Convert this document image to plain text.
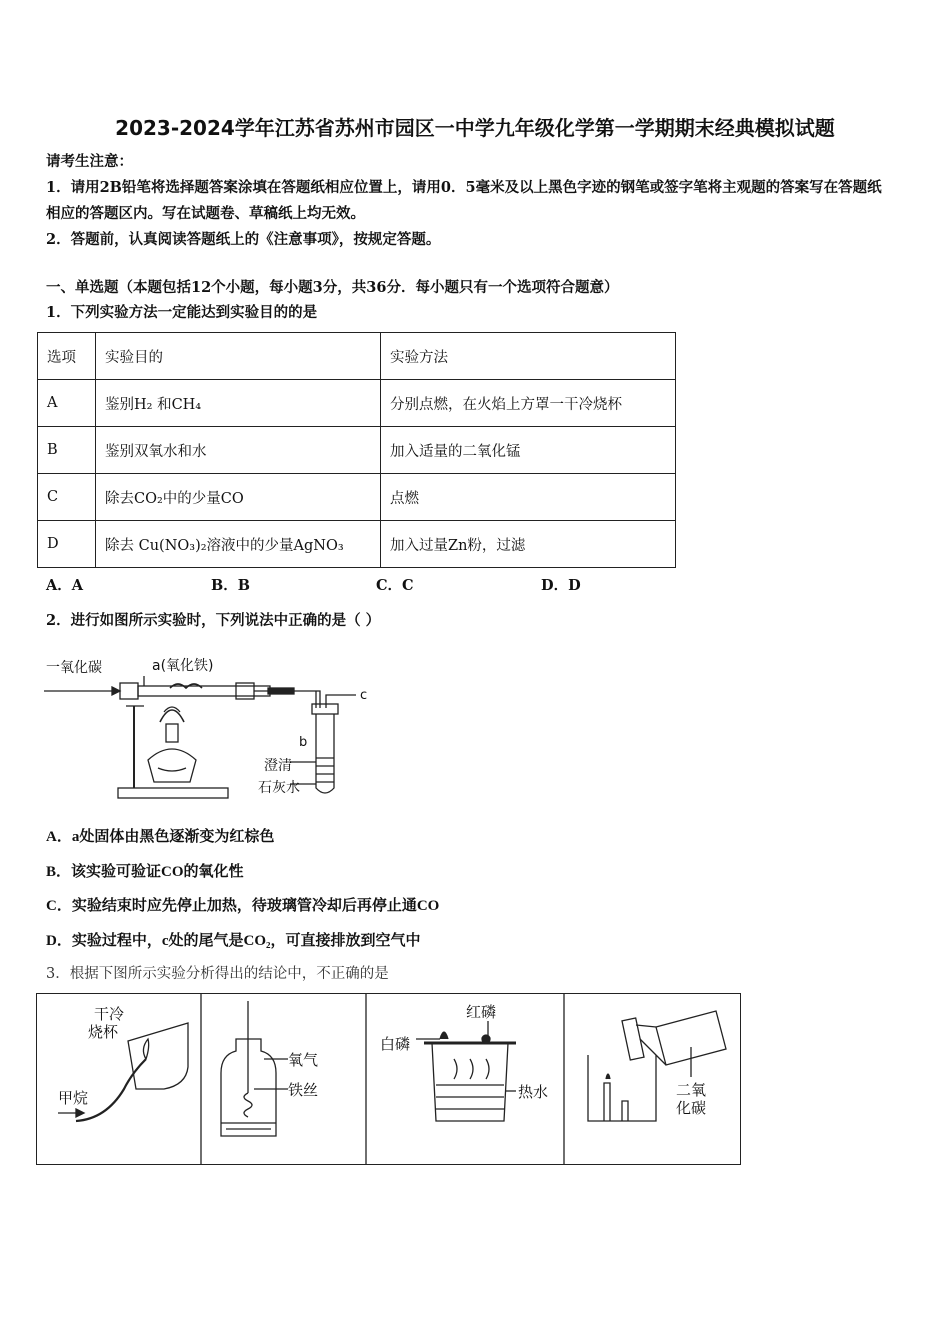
2023-2024学年江苏省苏州市园区一中学九年级化学第一学期期末经典模拟试题
请考生注意：
1．请用2B铅笔将选择题答案涂填在答题纸相应位置上，请用0．5毫米及以上黑色字迹的钢笔或签字笔将主观题的答案写在答题纸相应的答题区内。写在试题卷、草稿纸上均无效。
2．答题前，认真阅读答题纸上的《注意事项》，按规定答题。
一、单选题（本题包括12个小题，每小题3分，共36分．每小题只有一个选项符合题意）
1．下列实验方法一定能达到实验目的的是
选项	实验目的	实验方法
A	鉴别H₂ 和CH₄	分别点燃，在火焰上方罩一干冷烧杯
B	鉴别双氧水和水	加入适量的二氧化锰
C	除去CO₂中的少量CO	点燃
D	除去 Cu(NO₃)₂溶液中的少量AgNO₃	加入过量Zn粉，过滤
A．A	B．B	C．C	D．D
2．进行如图所示实验时，下列说法中正确的是（ ）
一氧化碳	a(氧化铁)
b
c
澄清
石灰水
A．a处固体由黑色逐渐变为红棕色
B．该实验可验证CO的氧化性
C．实验结束时应先停止加热，待玻璃管冷却后再停止通CO
D．实验过程中，c处的尾气是CO₂，可直接排放到空气中
3．根据下图所示实验分析得出的结论中，不正确的是
干冷
烧杯
甲烷
氧气
铁丝
红磷
白磷
热水	二氧
化碳
